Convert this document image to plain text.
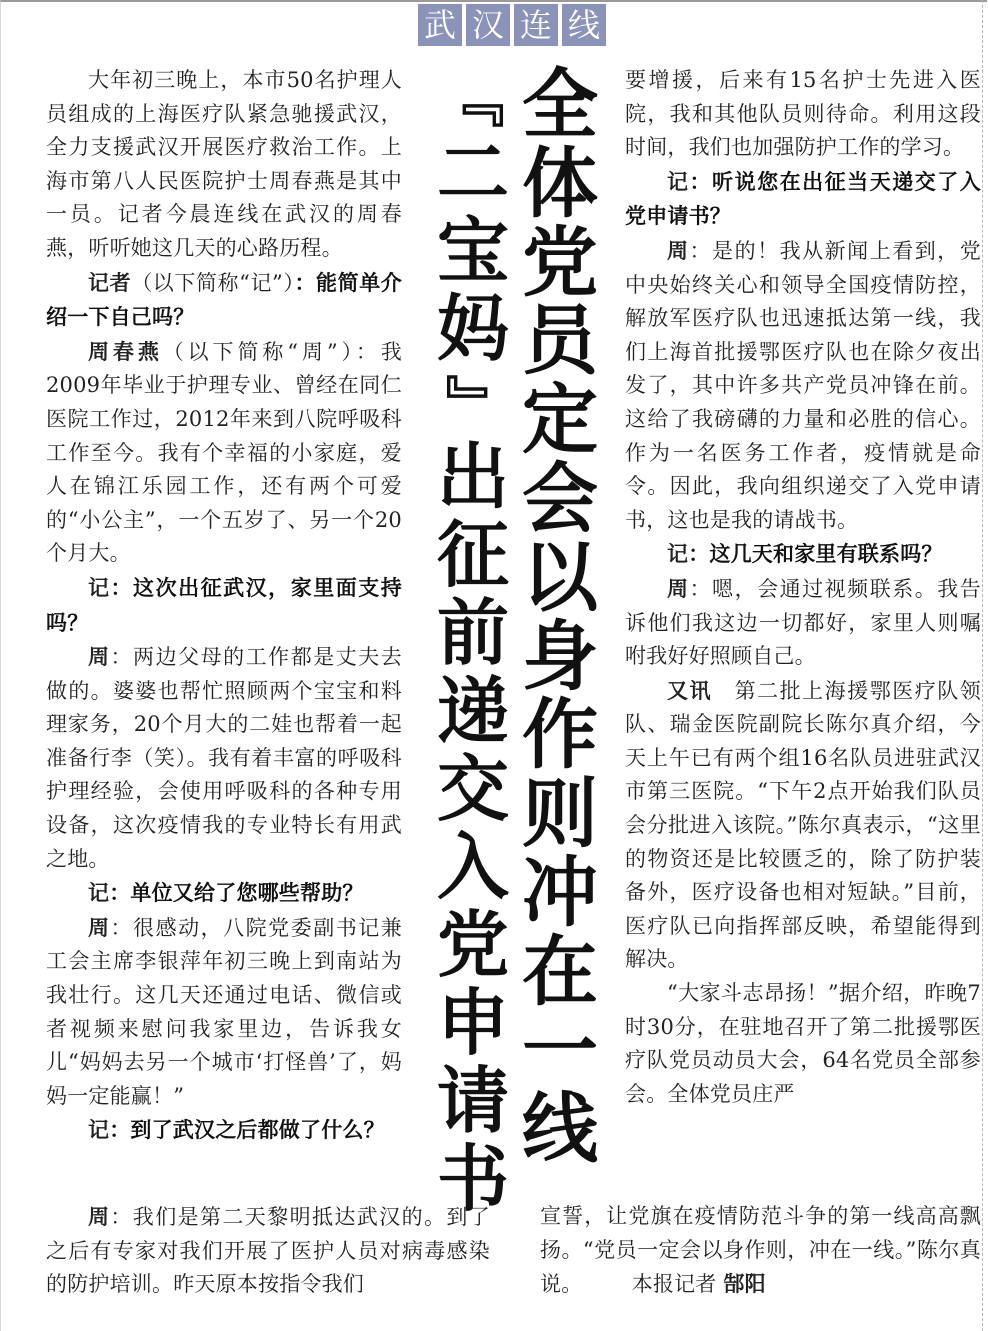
武 汉 连 线
『
二
宝
妈
』
出
征
前
递
交
入
党
申
请
书
全
体
党
员
定
会
以
身
作
则
冲
在
一
线

大年初三晚上，本市50名护理人员组成的上海医疗队紧急驰援武汉，全力支援武汉开展医疗救治工作。上海市第八人民医院护士周春燕是其中一员。记者今晨连线在武汉的周春燕，听听她这几天的心路历程。

记者（以下简称“记”）：能简单介绍一下自己吗？

周春燕（以下简称“周”）：我2009年毕业于护理专业、曾经在同仁医院工作过，2012年来到八院呼吸科工作至今。我有个幸福的小家庭，爱人在锦江乐园工作，还有两个可爱的“小公主”，一个五岁了、另一个20个月大。

记：这次出征武汉，家里面支持吗？

周：两边父母的工作都是丈夫去做的。婆婆也帮忙照顾两个宝宝和料理家务，20个月大的二娃也帮着一起准备行李（笑）。我有着丰富的呼吸科护理经验，会使用呼吸科的各种专用设备，这次疫情我的专业特长有用武之地。

记：单位又给了您哪些帮助？

周：很感动，八院党委副书记兼工会主席李银萍年初三晚上到南站为我壮行。这几天还通过电话、微信或者视频来慰问我家里边，告诉我女儿“妈妈去另一个城市‘打怪兽’了，妈妈一定能赢！”

记：到了武汉之后都做了什么？

周：我们是第二天黎明抵达武汉的。到了之后有专家对我们开展了医护人员对病毒感染的防护培训。昨天原本按指令我们

要增援，后来有15名护士先进入医院，我和其他队员则待命。利用这段时间，我们也加强防护工作的学习。

记：听说您在出征当天递交了入党申请书？

周：是的！我从新闻上看到，党中央始终关心和领导全国疫情防控，解放军医疗队也迅速抵达第一线，我们上海首批援鄂医疗队也在除夕夜出发了，其中许多共产党员冲锋在前。这给了我磅礴的力量和必胜的信心。作为一名医务工作者，疫情就是命令。因此，我向组织递交了入党申请书，这也是我的请战书。

记：这几天和家里有联系吗？

周：嗯，会通过视频联系。我告诉他们我这边一切都好，家里人则嘱咐我好好照顾自己。

又讯　第二批上海援鄂医疗队领队、瑞金医院副院长陈尔真介绍，今天上午已有两个组16名队员进驻武汉市第三医院。“下午2点开始我们队员会分批进入该院。”陈尔真表示，“这里的物资还是比较匮乏的，除了防护装备外，医疗设备也相对短缺。”目前，医疗队已向指挥部反映，希望能得到解决。

“大家斗志昂扬！”据介绍，昨晚7时30分，在驻地召开了第二批援鄂医疗队党员动员大会，64名党员全部参会。全体党员庄严

宣誓，让党旗在疫情防范斗争的第一线高高飘扬。“党员一定会以身作则，冲在一线。”陈尔真说。 　　 本报记者 郜阳
